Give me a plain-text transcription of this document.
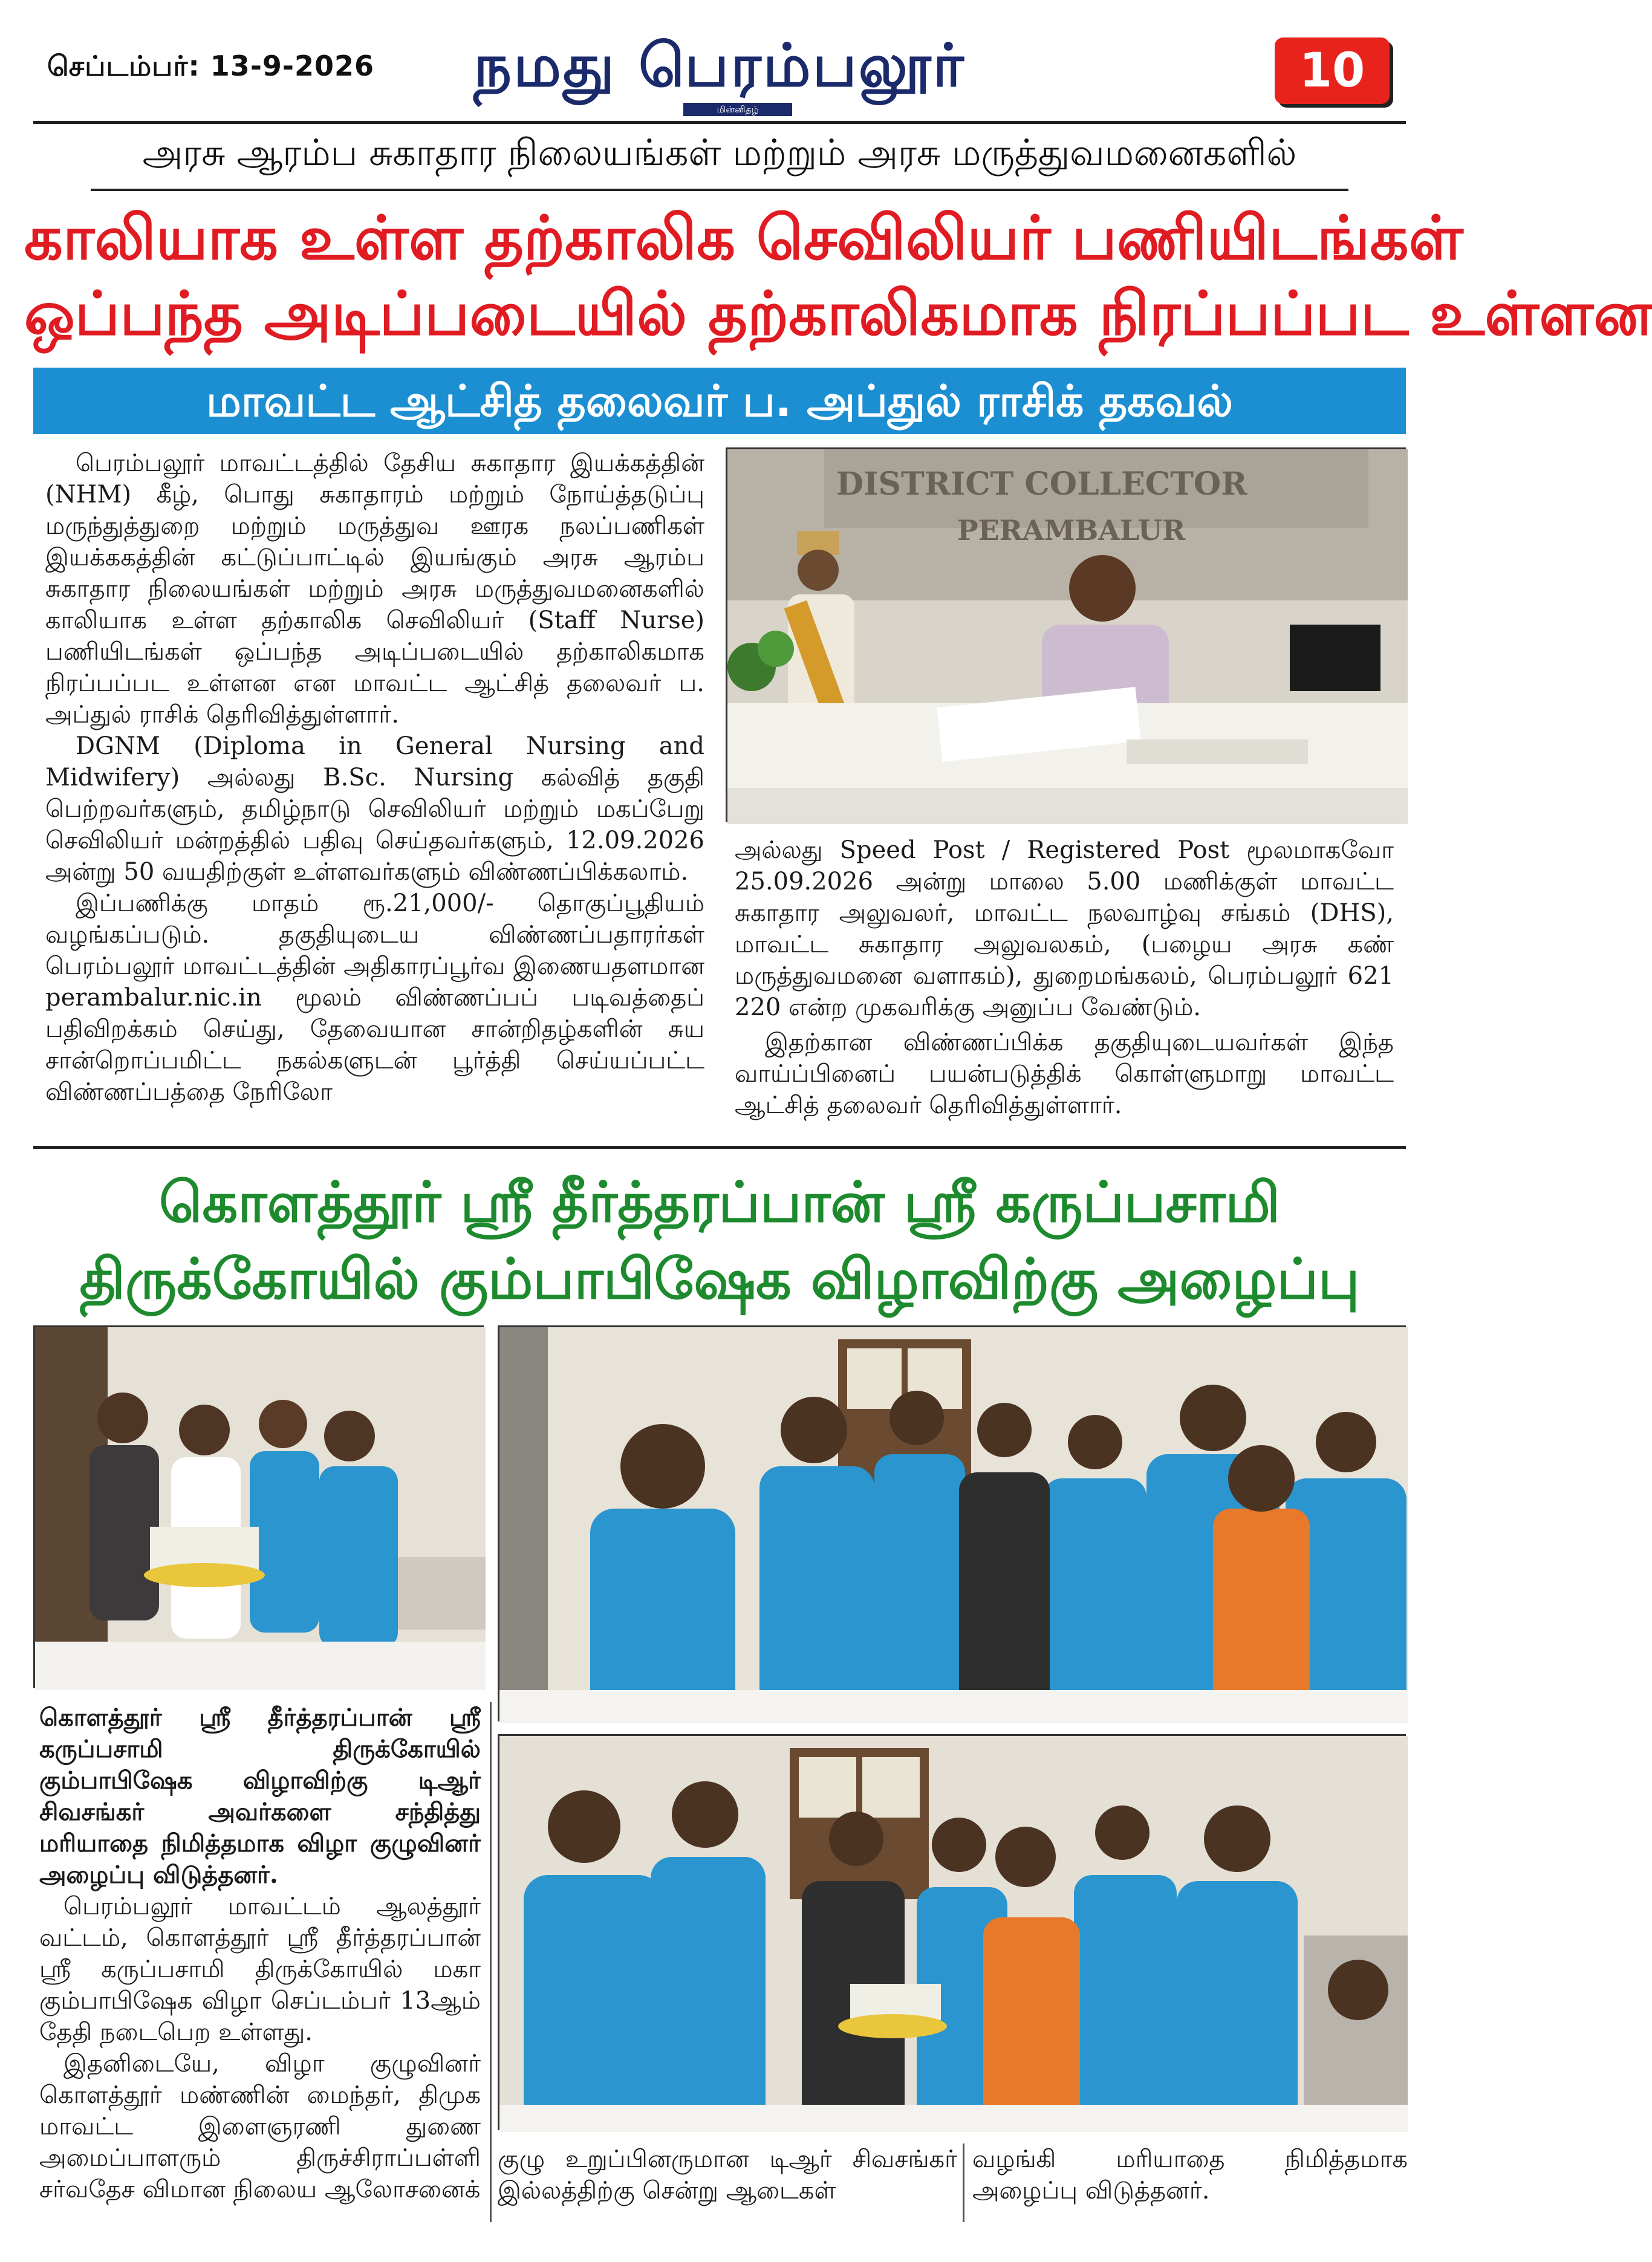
செப்டம்பர்: 13-9-2026 நமது பெரம்பலூர்
மின்னிதழ்
10
அரசு ஆரம்ப சுகாதார நிலையங்கள் மற்றும் அரசு மருத்துவமனைகளில்
காலியாக உள்ள தற்காலிக செவிலியர் பணியிடங்கள்
ஒப்பந்த அடிப்படையில் தற்காலிகமாக நிரப்பப்பட உள்ளன
மாவட்ட ஆட்சித் தலைவர் ப. அப்துல் ராசிக் தகவல்

பெரம்பலூர் மாவட்டத்தில் தேசிய சுகாதார இயக்கத்தின் (NHM) கீழ், பொது சுகாதாரம் மற்றும் நோய்த்தடுப்பு மருந்துத்துறை மற்றும் மருத்துவ ஊரக நலப்பணிகள் இயக்ககத்தின் கட்டுப்பாட்டில் இயங்கும் அரசு ஆரம்ப சுகாதார நிலையங்கள் மற்றும் அரசு மருத்துவமனைகளில் காலியாக உள்ள தற்காலிக செவிலியர் (Staff Nurse) பணியிடங்கள் ஒப்பந்த அடிப்படையில் தற்காலிகமாக நிரப்பப்பட உள்ளன என மாவட்ட ஆட்சித் தலைவர் ப. அப்துல் ராசிக் தெரிவித்துள்ளார்.

DGNM (Diploma in General Nursing and Midwifery) அல்லது B.Sc. Nursing கல்வித் தகுதி பெற்றவர்களும், தமிழ்நாடு செவிலியர் மற்றும் மகப்பேறு செவிலியர் மன்றத்தில் பதிவு செய்தவர்களும், 12.09.2026 அன்று 50 வயதிற்குள் உள்ளவர்களும் விண்ணப்பிக்கலாம்.

இப்பணிக்கு மாதம் ரூ.21,000/- தொகுப்பூதியம் வழங்கப்படும். தகுதியுடைய விண்ணப்பதாரர்கள் பெரம்பலூர் மாவட்டத்தின் அதிகாரப்பூர்வ இணையதளமான perambalur.nic.in மூலம் விண்ணப்பப் படிவத்தைப் பதிவிறக்கம் செய்து, தேவையான சான்றிதழ்களின் சுய சான்றொப்பமிட்ட நகல்களுடன் பூர்த்தி செய்யப்பட்ட விண்ணப்பத்தை நேரிலோ

DISTRICT COLLECTOR
PERAMBALUR

அல்லது Speed Post / Registered Post மூலமாகவோ 25.09.2026 அன்று மாலை 5.00 மணிக்குள் மாவட்ட சுகாதார அலுவலர், மாவட்ட நலவாழ்வு சங்கம் (DHS), மாவட்ட சுகாதார அலுவலகம், (பழைய அரசு கண் மருத்துவமனை வளாகம்), துறைமங்கலம், பெரம்பலூர் 621 220 என்ற முகவரிக்கு அனுப்ப வேண்டும்.

இதற்கான விண்ணப்பிக்க தகுதியுடையவர்கள் இந்த வாய்ப்பினைப் பயன்படுத்திக் கொள்ளுமாறு மாவட்ட ஆட்சித் தலைவர் தெரிவித்துள்ளார்.

கொளத்தூர் ஸ்ரீ தீர்த்தரப்பான் ஸ்ரீ கருப்பசாமி
திருக்கோயில் கும்பாபிஷேக விழாவிற்கு அழைப்பு

கொளத்தூர் ஸ்ரீ தீர்த்தரப்பான் ஸ்ரீ கருப்பசாமி திருக்கோயில் கும்பாபிஷேக விழாவிற்கு டிஆர் சிவசங்கர் அவர்களை சந்தித்து மரியாதை நிமித்தமாக விழா குழுவினர் அழைப்பு விடுத்தனர்.

பெரம்பலூர் மாவட்டம் ஆலத்தூர் வட்டம், கொளத்தூர் ஸ்ரீ தீர்த்தரப்பான் ஸ்ரீ கருப்பசாமி திருக்கோயில் மகா கும்பாபிஷேக விழா செப்டம்பர் 13ஆம் தேதி நடைபெற உள்ளது.

இதனிடையே, விழா குழுவினர் கொளத்தூர் மண்ணின் மைந்தர், திமுக மாவட்ட இளைஞரணி துணை அமைப்பாளரும் திருச்சிராப்பள்ளி சர்வதேச விமான நிலைய ஆலோசனைக்

குழு உறுப்பினருமான டிஆர் சிவசங்கர் இல்லத்திற்கு சென்று ஆடைகள்

வழங்கி மரியாதை நிமித்தமாக அழைப்பு விடுத்தனர்.
